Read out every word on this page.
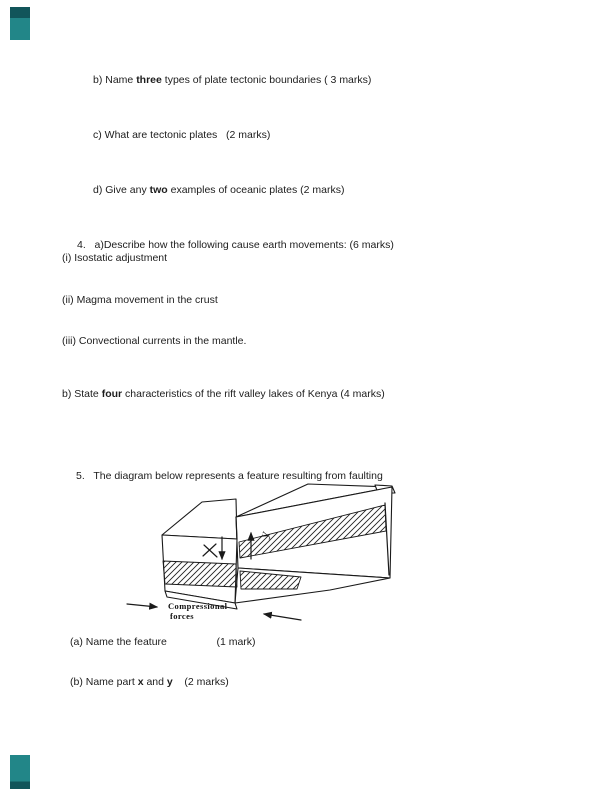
b) Name three types of plate tectonic boundaries ( 3 marks)
c) What are tectonic plates   (2 marks)
d) Give any two examples of oceanic plates (2 marks)
4.   a)Describe how the following cause earth movements: (6 marks)
(i) Isostatic adjustment
(ii) Magma movement in the crust
(iii) Convectional currents in the mantle.
b) State four characteristics of the rift valley lakes of Kenya (4 marks)
5.   The diagram below represents a feature resulting from faulting
y
Compressional
forces
(a) Name the feature                 (1 mark)
(b) Name part x and y    (2 marks)
